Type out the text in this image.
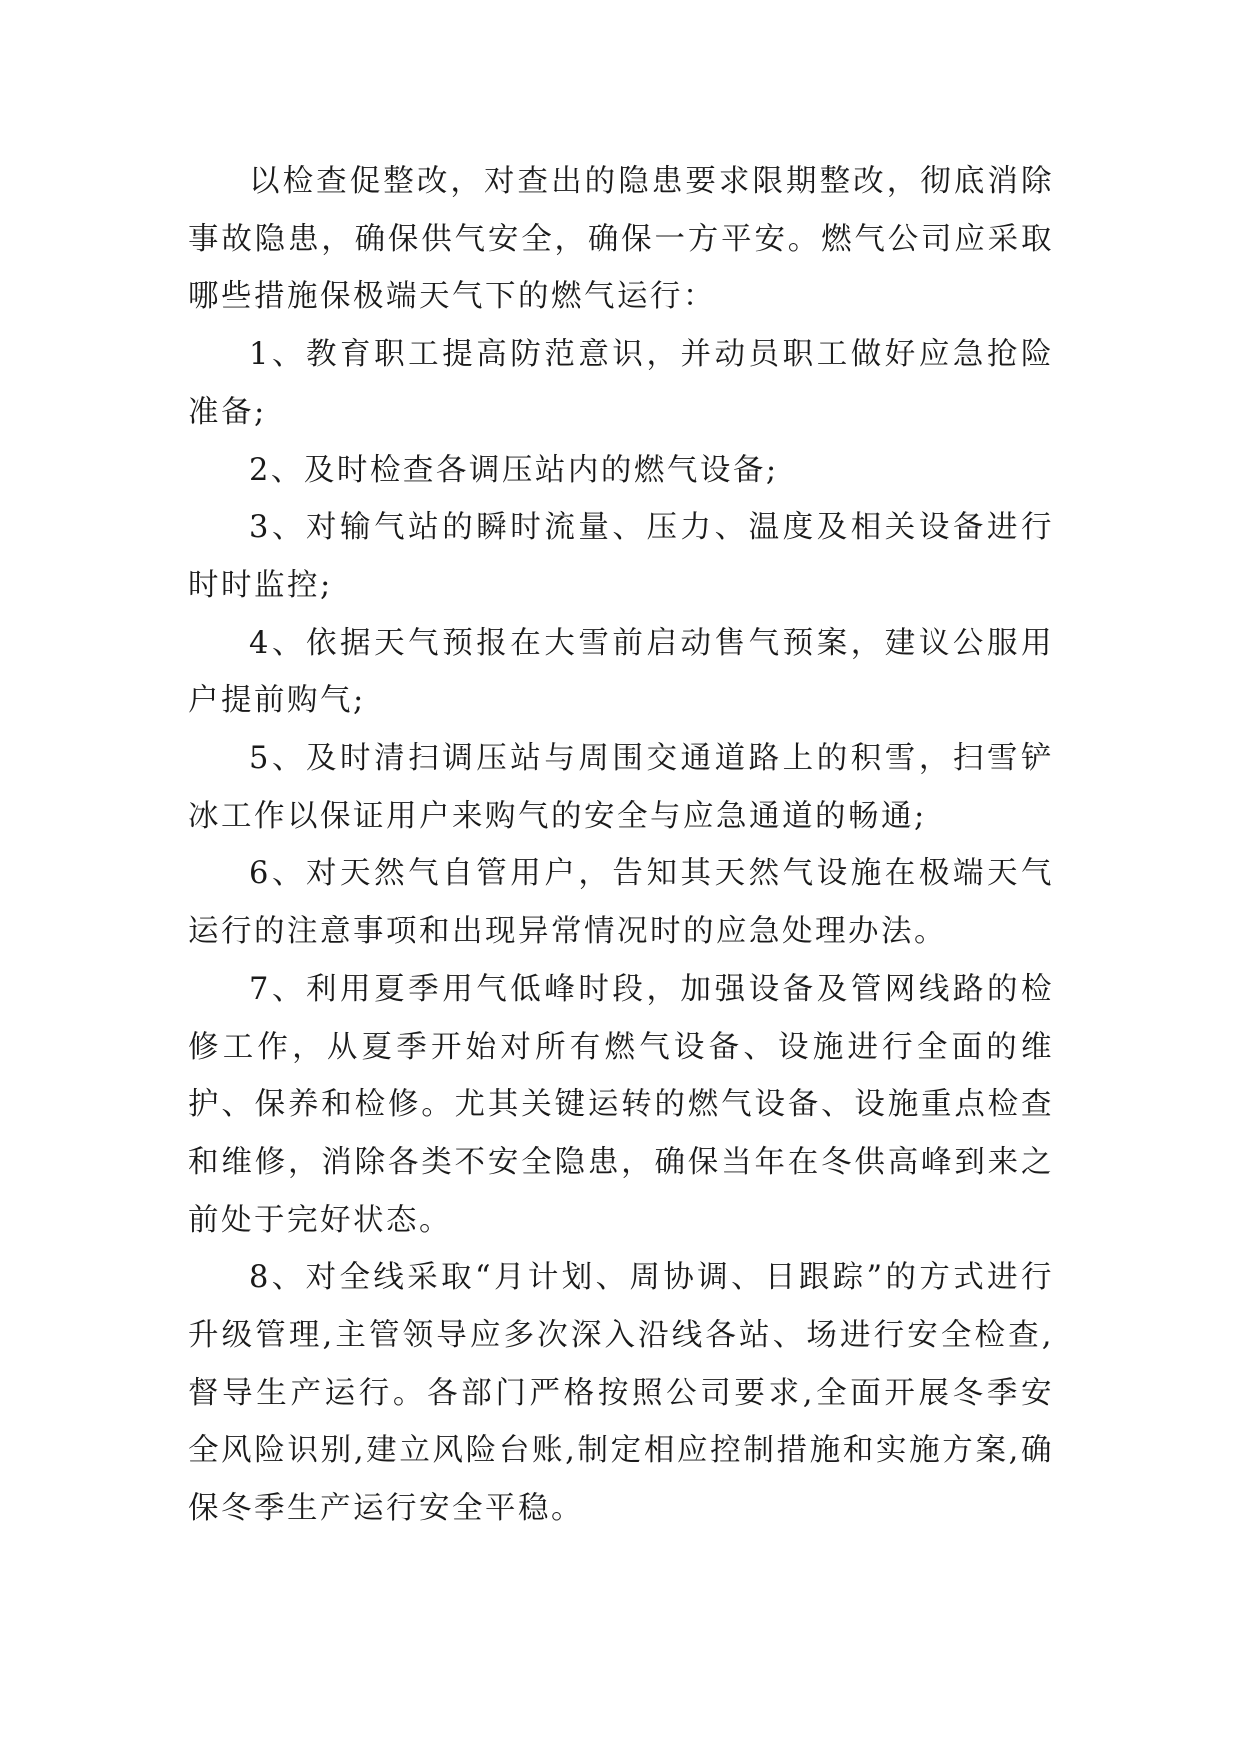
以检查促整改，对查出的隐患要求限期整改，彻底消除事故隐患，确保供气安全，确保一方平安。燃气公司应采取哪些措施保极端天气下的燃气运行：

1、教育职工提高防范意识，并动员职工做好应急抢险准备;

2、及时检查各调压站内的燃气设备;

3、对输气站的瞬时流量、压力、温度及相关设备进行时时监控;

4、依据天气预报在大雪前启动售气预案，建议公服用户提前购气;

5、及时清扫调压站与周围交通道路上的积雪，扫雪铲冰工作以保证用户来购气的安全与应急通道的畅通;

6、对天然气自管用户，告知其天然气设施在极端天气运行的注意事项和出现异常情况时的应急处理办法。

7、利用夏季用气低峰时段，加强设备及管网线路的检修工作，从夏季开始对所有燃气设备、设施进行全面的维护、保养和检修。尤其关键运转的燃气设备、设施重点检查和维修，消除各类不安全隐患，确保当年在冬供高峰到来之前处于完好状态。

8、对全线采取“月计划、周协调、日跟踪”的方式进行升级管理,主管领导应多次深入沿线各站、场进行安全检查,督导生产运行。各部门严格按照公司要求,全面开展冬季安全风险识别,建立风险台账,制定相应控制措施和实施方案,确保冬季生产运行安全平稳。
